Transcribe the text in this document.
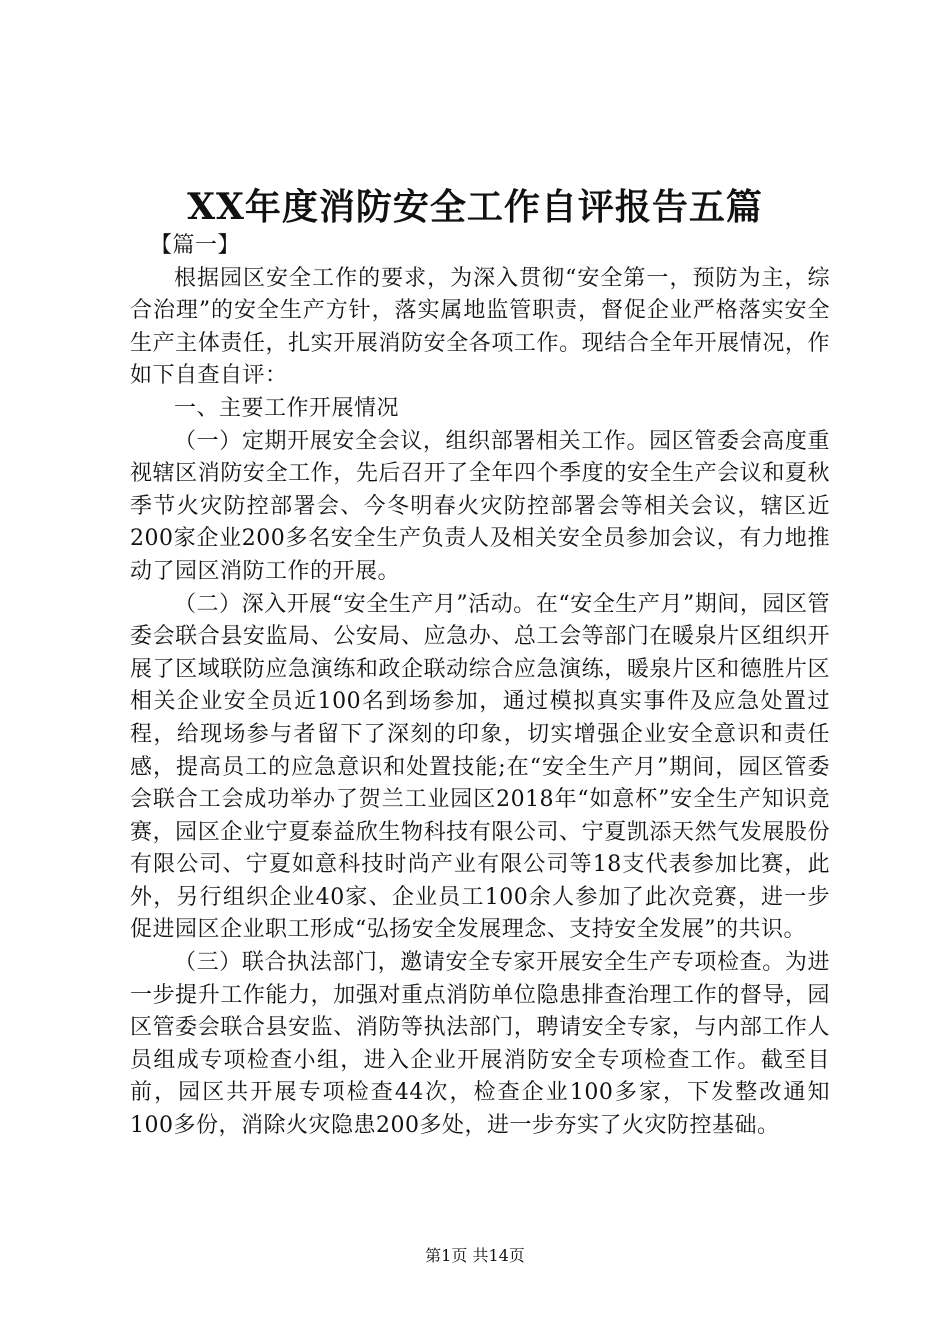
XX年度消防安全工作自评报告五篇

【篇一】

根据园区安全工作的要求，为深入贯彻“安全第一，预防为主，综合治理”的安全生产方针，落实属地监管职责，督促企业严格落实安全生产主体责任，扎实开展消防安全各项工作。现结合全年开展情况，作如下自查自评：

一、主要工作开展情况

（一）定期开展安全会议，组织部署相关工作。园区管委会高度重视辖区消防安全工作，先后召开了全年四个季度的安全生产会议和夏秋季节火灾防控部署会、今冬明春火灾防控部署会等相关会议，辖区近200家企业200多名安全生产负责人及相关安全员参加会议，有力地推动了园区消防工作的开展。

（二）深入开展“安全生产月”活动。在“安全生产月”期间，园区管委会联合县安监局、公安局、应急办、总工会等部门在暖泉片区组织开展了区域联防应急演练和政企联动综合应急演练，暖泉片区和德胜片区相关企业安全员近100名到场参加，通过模拟真实事件及应急处置过程，给现场参与者留下了深刻的印象，切实增强企业安全意识和责任感，提高员工的应急意识和处置技能;在“安全生产月”期间，园区管委会联合工会成功举办了贺兰工业园区2018年“如意杯”安全生产知识竞赛，园区企业宁夏泰益欣生物科技有限公司、宁夏凯添天然气发展股份有限公司、宁夏如意科技时尚产业有限公司等18支代表参加比赛，此外，另行组织企业40家、企业员工100余人参加了此次竞赛，进一步促进园区企业职工形成“弘扬安全发展理念、支持安全发展”的共识。

（三）联合执法部门，邀请安全专家开展安全生产专项检查。为进一步提升工作能力，加强对重点消防单位隐患排查治理工作的督导，园区管委会联合县安监、消防等执法部门，聘请安全专家，与内部工作人员组成专项检查小组，进入企业开展消防安全专项检查工作。截至目前，园区共开展专项检查44次，检查企业100多家，下发整改通知100多份，消除火灾隐患200多处，进一步夯实了火灾防控基础。

第1页 共14页
